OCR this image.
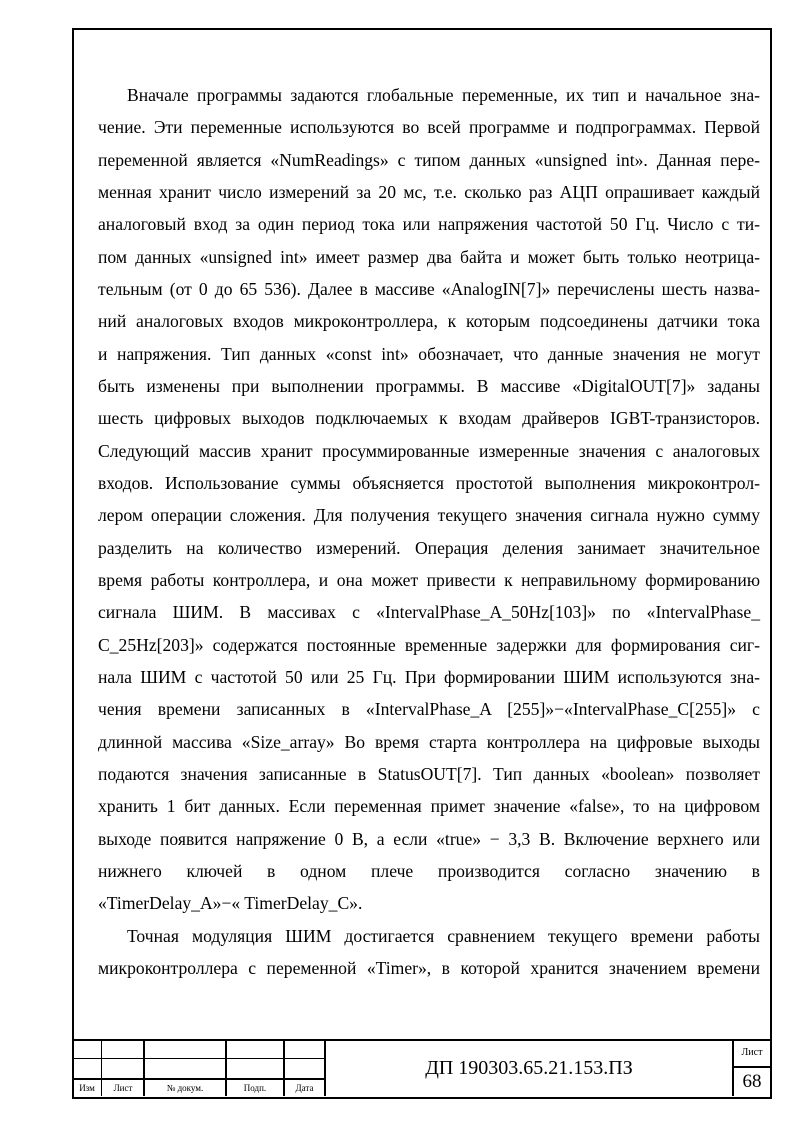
Вначале программы задаются глобальные переменные, их тип и начальное зна-
чение. Эти переменные используются во всей программе и подпрограммах. Первой
переменной является «NumReadings» с типом данных «unsigned int». Данная пере-
менная хранит число измерений за 20 мс, т.е. сколько раз АЦП опрашивает каждый
аналоговый вход за один период тока или напряжения частотой 50 Гц. Число с ти-
пом данных «unsigned int» имеет размер два байта и может быть только неотрица-
тельным (от 0 до 65 536). Далее в массиве «AnalogIN[7]» перечислены шесть назва-
ний аналоговых входов микроконтроллера, к которым подсоединены датчики тока
и напряжения. Тип данных «const int» обозначает, что данные значения не могут
быть изменены при выполнении программы. В массиве «DigitalOUT[7]» заданы
шесть цифровых выходов подключаемых к входам драйверов IGBT-транзисторов.
Следующий массив хранит просуммированные измеренные значения с аналоговых
входов. Использование суммы объясняется простотой выполнения микроконтрол-
лером операции сложения. Для получения текущего значения сигнала нужно сумму
разделить на количество измерений. Операция деления занимает значительное
время работы контроллера, и она может привести к неправильному формированию
сигнала ШИМ. В массивах с «IntervalPhase_A_50Hz[103]» по «IntervalPhase_
C_25Hz[203]» содержатся постоянные временные задержки для формирования сиг-
нала ШИМ с частотой 50 или 25 Гц. При формировании ШИМ используются зна-
чения времени записанных в «IntervalPhase_A [255]»−«IntervalPhase_C[255]» с
длинной массива «Size_array» Во время старта контроллера на цифровые выходы
подаются значения записанные в StatusOUT[7]. Тип данных «boolean» позволяет
хранить 1 бит данных. Если переменная примет значение «false», то на цифровом
выходе появится напряжение 0 В, а если «true» − 3,3 В. Включение верхнего или
нижнего ключей в одном плече производится согласно значению в
«TimerDelay_A»−« TimerDelay_C».
Точная модуляция ШИМ достигается сравнением текущего времени работы
микроконтроллера с переменной «Timer», в которой хранится значением времени
Изм	Лист	№ докум.	Подп.	Дата
ДП 190303.65.21.153.ПЗ
Лист
68
